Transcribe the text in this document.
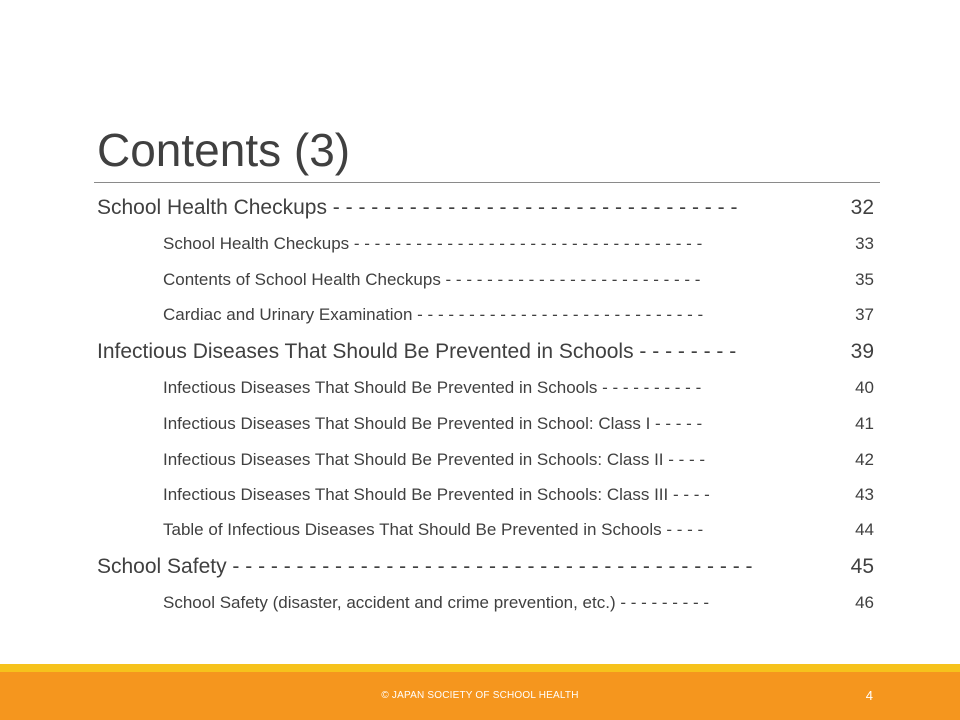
Contents (3)
School Health Checkups - - - - - - - - - - - - - - - - - - - - - - - - - - - - - - - -	32
School Health Checkups - - - - - - - - - - - - - - - - - - - - - - - - - - - - - - - - - -	33
Contents of School Health Checkups - - - - - - - - - - - - - - - - - - - - - - - - -	35
Cardiac and Urinary Examination - - - - - - - - - - - - - - - - - - - - - - - - - - - -	37
Infectious Diseases That Should Be Prevented in Schools - - - - - - - -	39
Infectious Diseases That Should Be Prevented in Schools - - - - - - - - - -	40
Infectious Diseases That Should Be Prevented in School: Class I - - - - -	41
Infectious Diseases That Should Be Prevented in Schools: Class II - - - -	42
Infectious Diseases That Should Be Prevented in Schools: Class III - - - -	43
Table of Infectious Diseases That Should Be Prevented in Schools - - - -	44
School Safety - - - - - - - - - - - - - - - - - - - - - - - - - - - - - - - - - - - - - - - - -	45
School Safety (disaster, accident and crime prevention, etc.) - - - - - - - - -	46
© JAPAN SOCIETY OF SCHOOL HEALTH	4
